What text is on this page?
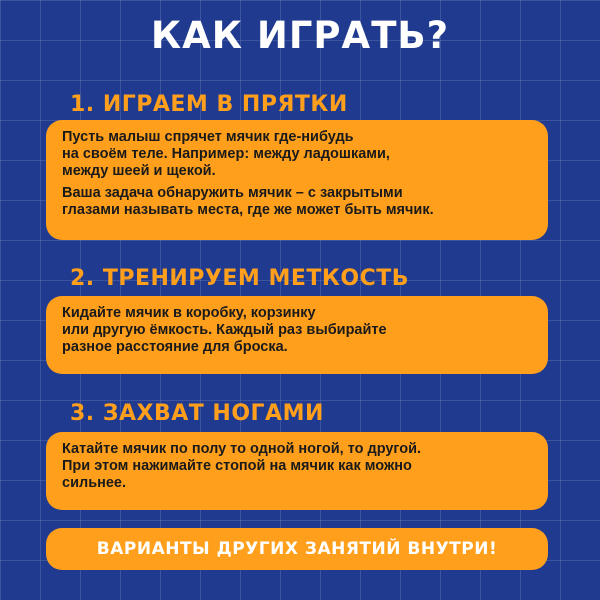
КАК ИГРАТЬ?
1. ИГРАЕМ В ПРЯТКИ

Пусть малыш спрячет мячик где-нибудь
на своём теле. Например: между ладошками,
между шеей и щекой.

Ваша задача обнаружить мячик – с закрытыми
глазами называть места, где же может быть мячик.

2. ТРЕНИРУЕМ МЕТКОСТЬ

Кидайте мячик в коробку, корзинку
или другую ёмкость. Каждый раз выбирайте
разное расстояние для броска.

3. ЗАХВАТ НОГАМИ

Катайте мячик по полу то одной ногой, то другой.
При этом нажимайте стопой на мячик как можно
сильнее.

ВАРИАНТЫ ДРУГИХ ЗАНЯТИЙ ВНУТРИ!
